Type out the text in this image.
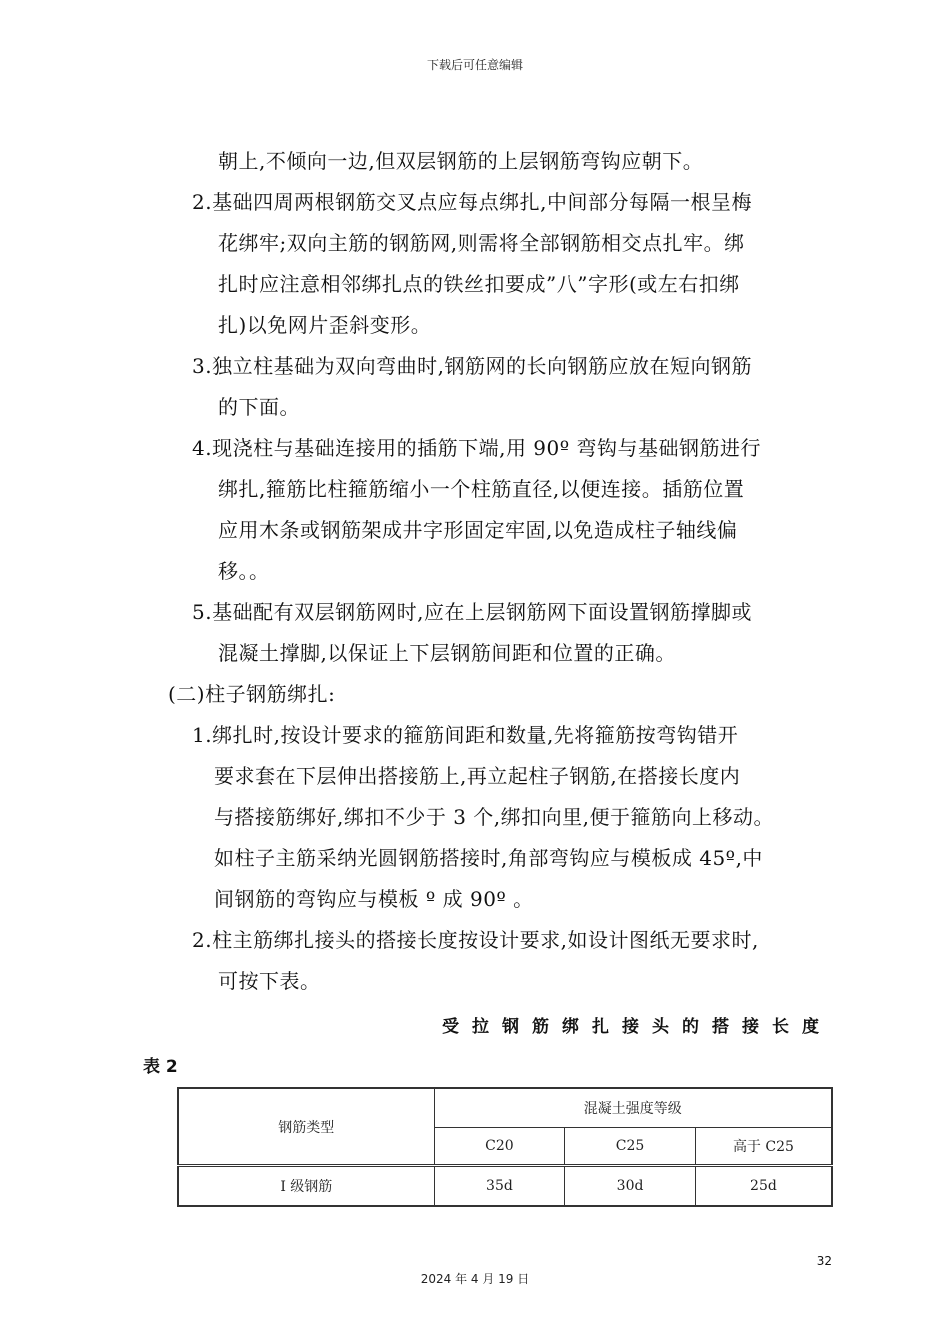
下载后可任意编辑
朝上,不倾向一边,但双层钢筋的上层钢筋弯钩应朝下。
2.基础四周两根钢筋交叉点应每点绑扎,中间部分每隔一根呈梅
花绑牢;双向主筋的钢筋网,则需将全部钢筋相交点扎牢。绑
扎时应注意相邻绑扎点的铁丝扣要成”八”字形(或左右扣绑
扎)以免网片歪斜变形。
3.独立柱基础为双向弯曲时,钢筋网的长向钢筋应放在短向钢筋
的下面。
4.现浇柱与基础连接用的插筋下端,用 90º 弯钩与基础钢筋进行
绑扎,箍筋比柱箍筋缩小一个柱筋直径,以便连接。插筋位置
应用木条或钢筋架成井字形固定牢固,以免造成柱子轴线偏
移。。
5.基础配有双层钢筋网时,应在上层钢筋网下面设置钢筋撑脚或
混凝土撑脚,以保证上下层钢筋间距和位置的正确。
(二)柱子钢筋绑扎:
1.绑扎时,按设计要求的箍筋间距和数量,先将箍筋按弯钩错开
要求套在下层伸出搭接筋上,再立起柱子钢筋,在搭接长度内
与搭接筋绑好,绑扣不少于 3 个,绑扣向里,便于箍筋向上移动。
如柱子主筋采纳光圆钢筋搭接时,角部弯钩应与模板成 45º,中
间钢筋的弯钩应与模板 º 成 90º 。
2.柱主筋绑扎接头的搭接长度按设计要求,如设计图纸无要求时,
可按下表。
受拉钢筋绑扎接头的搭接长度
表 2
钢筋类型	混凝土强度等级		
	C20	C25	高于 C25
Ⅰ 级钢筋	35d	30d	25d
32
2024 年 4 月 19 日
